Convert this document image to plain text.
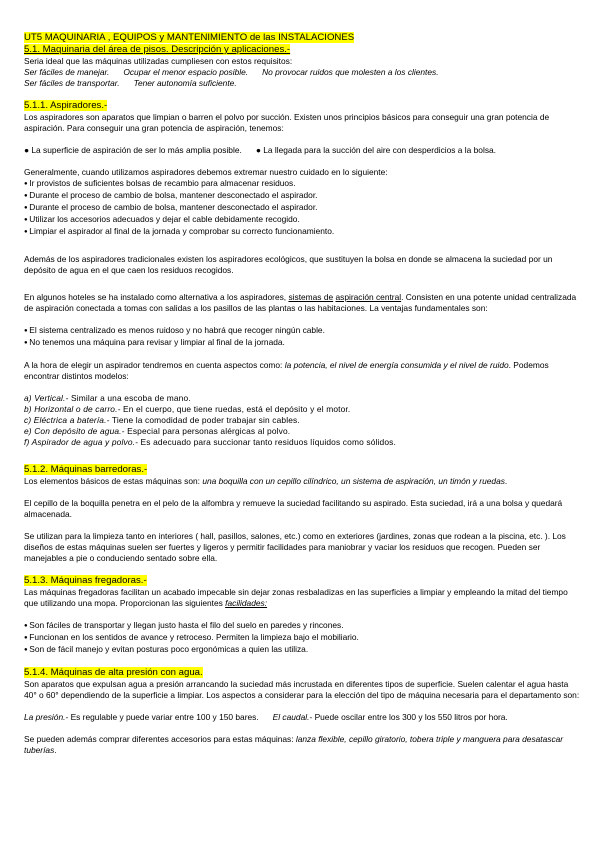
UT5 MAQUINARIA , EQUIPOS y MANTENIMIENTO de las INSTALACIONES
5.1. Maquinaria del área de pisos. Descripción y aplicaciones.-

Seria ideal que las máquinas utilizadas cumpliesen con estos requisitos:

Ser fáciles de manejar. Ocupar el menor espacio posible. No provocar ruidos que molesten a los clientes.

Ser fáciles de transportar. Tener autonomía suficiente.

5.1.1. Aspiradores.-

Los aspiradores son aparatos que limpian o barren el polvo por succión. Existen unos principios básicos para conseguir una gran potencia de aspiración. Para conseguir una gran potencia de aspiración, tenemos:

● La superficie de aspiración de ser lo más amplia posible. ● La llegada para la succión del aire con desperdicios a la bolsa.

Generalmente, cuando utilizamos aspiradores debemos extremar nuestro cuidado en lo siguiente:

● Ir provistos de suficientes bolsas de recambio para almacenar residuos.
● Durante el proceso de cambio de bolsa, mantener desconectado el aspirador.
● Durante el proceso de cambio de bolsa, mantener desconectado el aspirador.
● Utilizar los accesorios adecuados y dejar el cable debidamente recogido.
● Limpiar el aspirador al final de la jornada y comprobar su correcto funcionamiento.

Además de los aspiradores tradicionales existen los aspiradores ecológicos, que sustituyen la bolsa en donde se almacena la suciedad por un depósito de agua en el que caen los residuos recogidos.

En algunos hoteles se ha instalado como alternativa a los aspiradores, sistemas de aspiración central. Consisten en una potente unidad centralizada de aspiración conectada a tomas con salidas a los pasillos de las plantas o las habitaciones. La ventajas fundamentales son:

● El sistema centralizado es menos ruidoso y no habrá que recoger ningún cable.
● No tenemos una máquina para revisar y limpiar al final de la jornada.

A la hora de elegir un aspirador tendremos en cuenta aspectos como: la potencia, el nivel de energía consumida y el nivel de ruido. Podemos encontrar distintos modelos:

a) Vertical.- Similar a una escoba de mano.

b) Horizontal o de carro.- En el cuerpo, que tiene ruedas, está el depósito y el motor.

c) Eléctrica a batería.- Tiene la comodidad de poder trabajar sin cables.

e) Con depósito de agua.- Especial para personas alérgicas al polvo.

f) Aspirador de agua y polvo.- Es adecuado para succionar tanto residuos líquidos como sólidos.

5.1.2. Máquinas barredoras.-

Los elementos básicos de estas máquinas son: una boquilla con un cepillo cilíndrico, un sistema de aspiración, un timón y ruedas.

El cepillo de la boquilla penetra en el pelo de la alfombra y remueve la suciedad facilitando su aspirado. Esta suciedad, irá a una bolsa y quedará almacenada.

Se utilizan para la limpieza tanto en interiores ( hall, pasillos, salones, etc.) como en exteriores (jardines, zonas que rodean a la piscina, etc. ). Los diseños de estas máquinas suelen ser fuertes y ligeros y permitir facilidades para maniobrar y vaciar los residuos que recogen. Pueden ser manejables a pie o conduciendo sentado sobre ella.

5.1.3. Máquinas fregadoras.-

Las máquinas fregadoras facilitan un acabado impecable sin dejar zonas resbaladizas en las superficies a limpiar y empleando la mitad del tiempo que utilizando una mopa. Proporcionan las siguientes facilidades:

● Son fáciles de transportar y llegan justo hasta el filo del suelo en paredes y rincones.
● Funcionan en los sentidos de avance y retroceso. Permiten la limpieza bajo el mobiliario.
● Son de fácil manejo y evitan posturas poco ergonómicas a quien las utiliza.
5.1.4. Máquinas de alta presión con agua.

Son aparatos que expulsan agua a presión arrancando la suciedad más incrustada en diferentes tipos de superficie. Suelen calentar el agua hasta 40° o 60° dependiendo de la superficie a limpiar. Los aspectos a considerar para la elección del tipo de máquina necesaria para el departamento son:

La presión.- Es regulable y puede variar entre 100 y 150 bares. El caudal.- Puede oscilar entre los 300 y los 550 litros por hora.

Se pueden además comprar diferentes accesorios para estas máquinas: lanza flexible, cepillo giratorio, tobera triple y manguera para desatascar tuberías.
